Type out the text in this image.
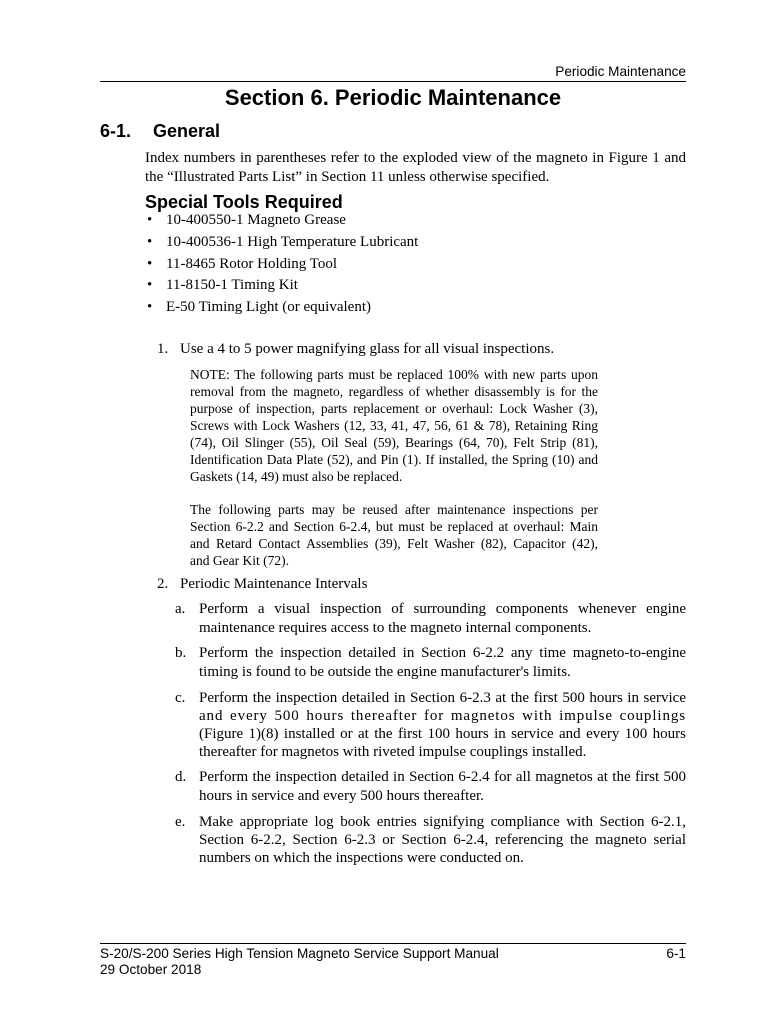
Periodic Maintenance
Section 6. Periodic Maintenance
6-1. General
Index numbers in parentheses refer to the exploded view of the magneto in Figure 1 and
the “Illustrated Parts List” in Section 11 unless otherwise specified.
Special Tools Required
• 10-400550-1 Magneto Grease
• 10-400536-1 High Temperature Lubricant
• 11-8465 Rotor Holding Tool
• 11-8150-1 Timing Kit
• E-50 Timing Light (or equivalent)
1. Use a 4 to 5 power magnifying glass for all visual inspections.
NOTE: The following parts must be replaced 100% with new parts upon
removal from the magneto, regardless of whether disassembly is for the
purpose of inspection, parts replacement or overhaul: Lock Washer (3),
Screws with Lock Washers (12, 33, 41, 47, 56, 61 & 78), Retaining Ring
(74), Oil Slinger (55), Oil Seal (59), Bearings (64, 70), Felt Strip (81),
Identification Data Plate (52), and Pin (1). If installed, the Spring (10) and
Gaskets (14, 49) must also be replaced.
The following parts may be reused after maintenance inspections per
Section 6-2.2 and Section 6-2.4, but must be replaced at overhaul: Main
and Retard Contact Assemblies (39), Felt Washer (82), Capacitor (42),
and Gear Kit (72).
2. Periodic Maintenance Intervals
a. Perform a visual inspection of surrounding components whenever engine
maintenance requires access to the magneto internal components.
b. Perform the inspection detailed in Section 6-2.2 any time magneto-to-engine
timing is found to be outside the engine manufacturer's limits.
c. Perform the inspection detailed in Section 6-2.3 at the first 500 hours in service
and every 500 hours thereafter for magnetos with impulse couplings
(Figure 1)(8) installed or at the first 100 hours in service and every 100 hours
thereafter for magnetos with riveted impulse couplings installed.
d. Perform the inspection detailed in Section 6-2.4 for all magnetos at the first 500
hours in service and every 500 hours thereafter.
e. Make appropriate log book entries signifying compliance with Section 6-2.1,
Section 6-2.2, Section 6-2.3 or Section 6-2.4, referencing the magneto serial
numbers on which the inspections were conducted on.
S-20/S-200 Series High Tension Magneto Service Support Manual	6-1
29 October 2018
